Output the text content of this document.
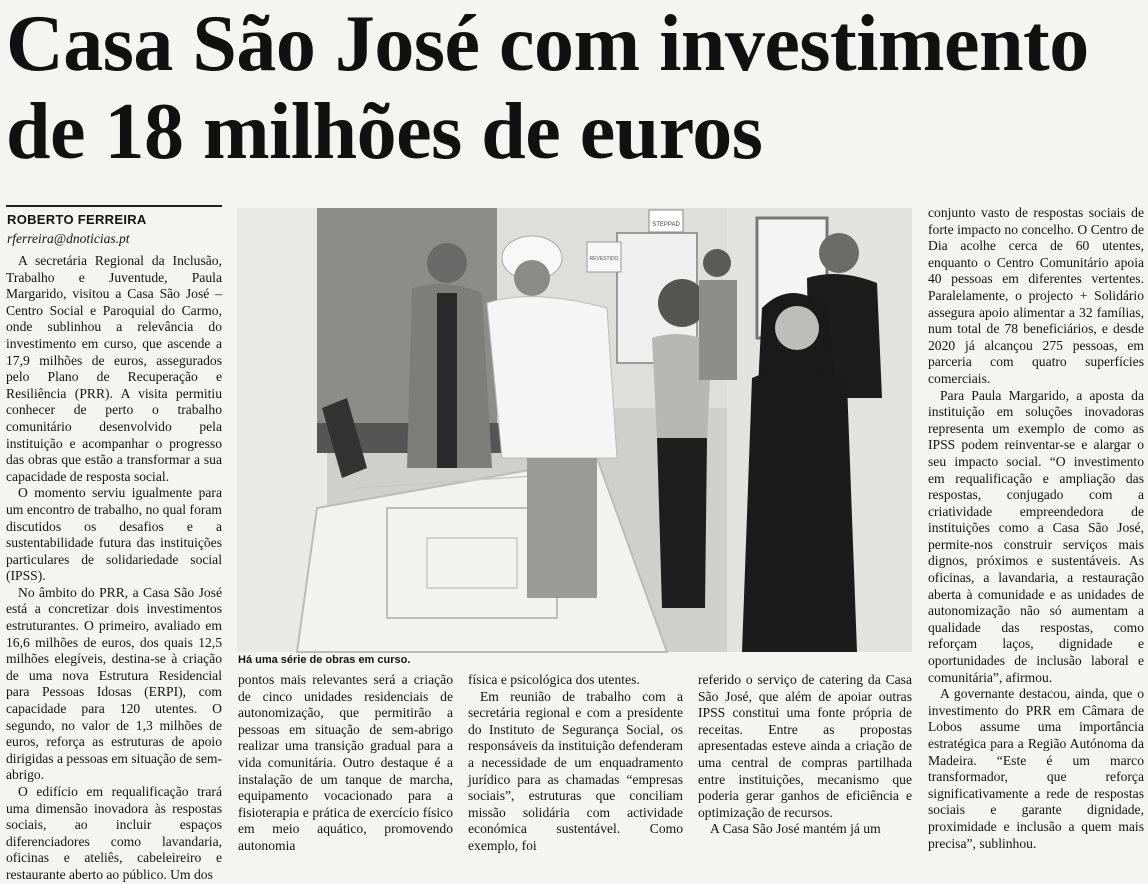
Casa São José com investimento de 18 milhões de euros
ROBERTO FERREIRA
rferreira@dnoticias.pt

A secretária Regional da Inclusão, Trabalho e Juventude, Paula Margarido, visitou a Casa São José – Centro Social e Paroquial do Carmo, onde sublinhou a relevância do investimento em curso, que ascende a 17,9 milhões de euros, assegurados pelo Plano de Recuperação e Resiliência (PRR). A visita permitiu conhecer de perto o trabalho comunitário desenvolvido pela instituição e acompanhar o progresso das obras que estão a transformar a sua capacidade de resposta social.

O momento serviu igualmente para um encontro de trabalho, no qual foram discutidos os desafios e a sustentabilidade futura das instituições particulares de solidariedade social (IPSS).

No âmbito do PRR, a Casa São José está a concretizar dois investimentos estruturantes. O primeiro, avaliado em 16,6 milhões de euros, dos quais 12,5 milhões elegíveis, destina-se à criação de uma nova Estrutura Residencial para Pessoas Idosas (ERPI), com capacidade para 120 utentes. O segundo, no valor de 1,3 milhões de euros, reforça as estruturas de apoio dirigidas a pessoas em situação de sem-abrigo.

O edifício em requalificação trará uma dimensão inovadora às respostas sociais, ao incluir espaços diferenciadores como lavandaria, oficinas e ateliês, cabeleireiro e restaurante aberto ao público. Um dos

STEPPAD
REVESTIDO
Há uma série de obras em curso.

pontos mais relevantes será a criação de cinco unidades residenciais de autonomização, que permitirão a pessoas em situação de sem-abrigo realizar uma transição gradual para a vida comunitária. Outro destaque é a instalação de um tanque de marcha, equipamento vocacionado para a fisioterapia e prática de exercício físico em meio aquático, promovendo autonomia

física e psicológica dos utentes.

Em reunião de trabalho com a secretária regional e com a presidente do Instituto de Segurança Social, os responsáveis da instituição defenderam a necessidade de um enquadramento jurídico para as chamadas “empresas sociais”, estruturas que conciliam missão solidária com actividade económica sustentável. Como exemplo, foi

referido o serviço de catering da Casa São José, que além de apoiar outras IPSS constitui uma fonte própria de receitas. Entre as propostas apresentadas esteve ainda a criação de uma central de compras partilhada entre instituições, mecanismo que poderia gerar ganhos de eficiência e optimização de recursos.

A Casa São José mantém já um

conjunto vasto de respostas sociais de forte impacto no concelho. O Centro de Dia acolhe cerca de 60 utentes, enquanto o Centro Comunitário apoia 40 pessoas em diferentes vertentes. Paralelamente, o projecto + Solidário assegura apoio alimentar a 32 famílias, num total de 78 beneficiários, e desde 2020 já alcançou 275 pessoas, em parceria com quatro superfícies comerciais.

Para Paula Margarido, a aposta da instituição em soluções inovadoras representa um exemplo de como as IPSS podem reinventar-se e alargar o seu impacto social. “O investimento em requalificação e ampliação das respostas, conjugado com a criatividade empreendedora de instituições como a Casa São José, permite-nos construir serviços mais dignos, próximos e sustentáveis. As oficinas, a lavandaria, a restauração aberta à comunidade e as unidades de autonomização não só aumentam a qualidade das respostas, como reforçam laços, dignidade e oportunidades de inclusão laboral e comunitária”, afirmou.

A governante destacou, ainda, que o investimento do PRR em Câmara de Lobos assume uma importância estratégica para a Região Autónoma da Madeira. “Este é um marco transformador, que reforça significativamente a rede de respostas sociais e garante dignidade, proximidade e inclusão a quem mais precisa”, sublinhou.
